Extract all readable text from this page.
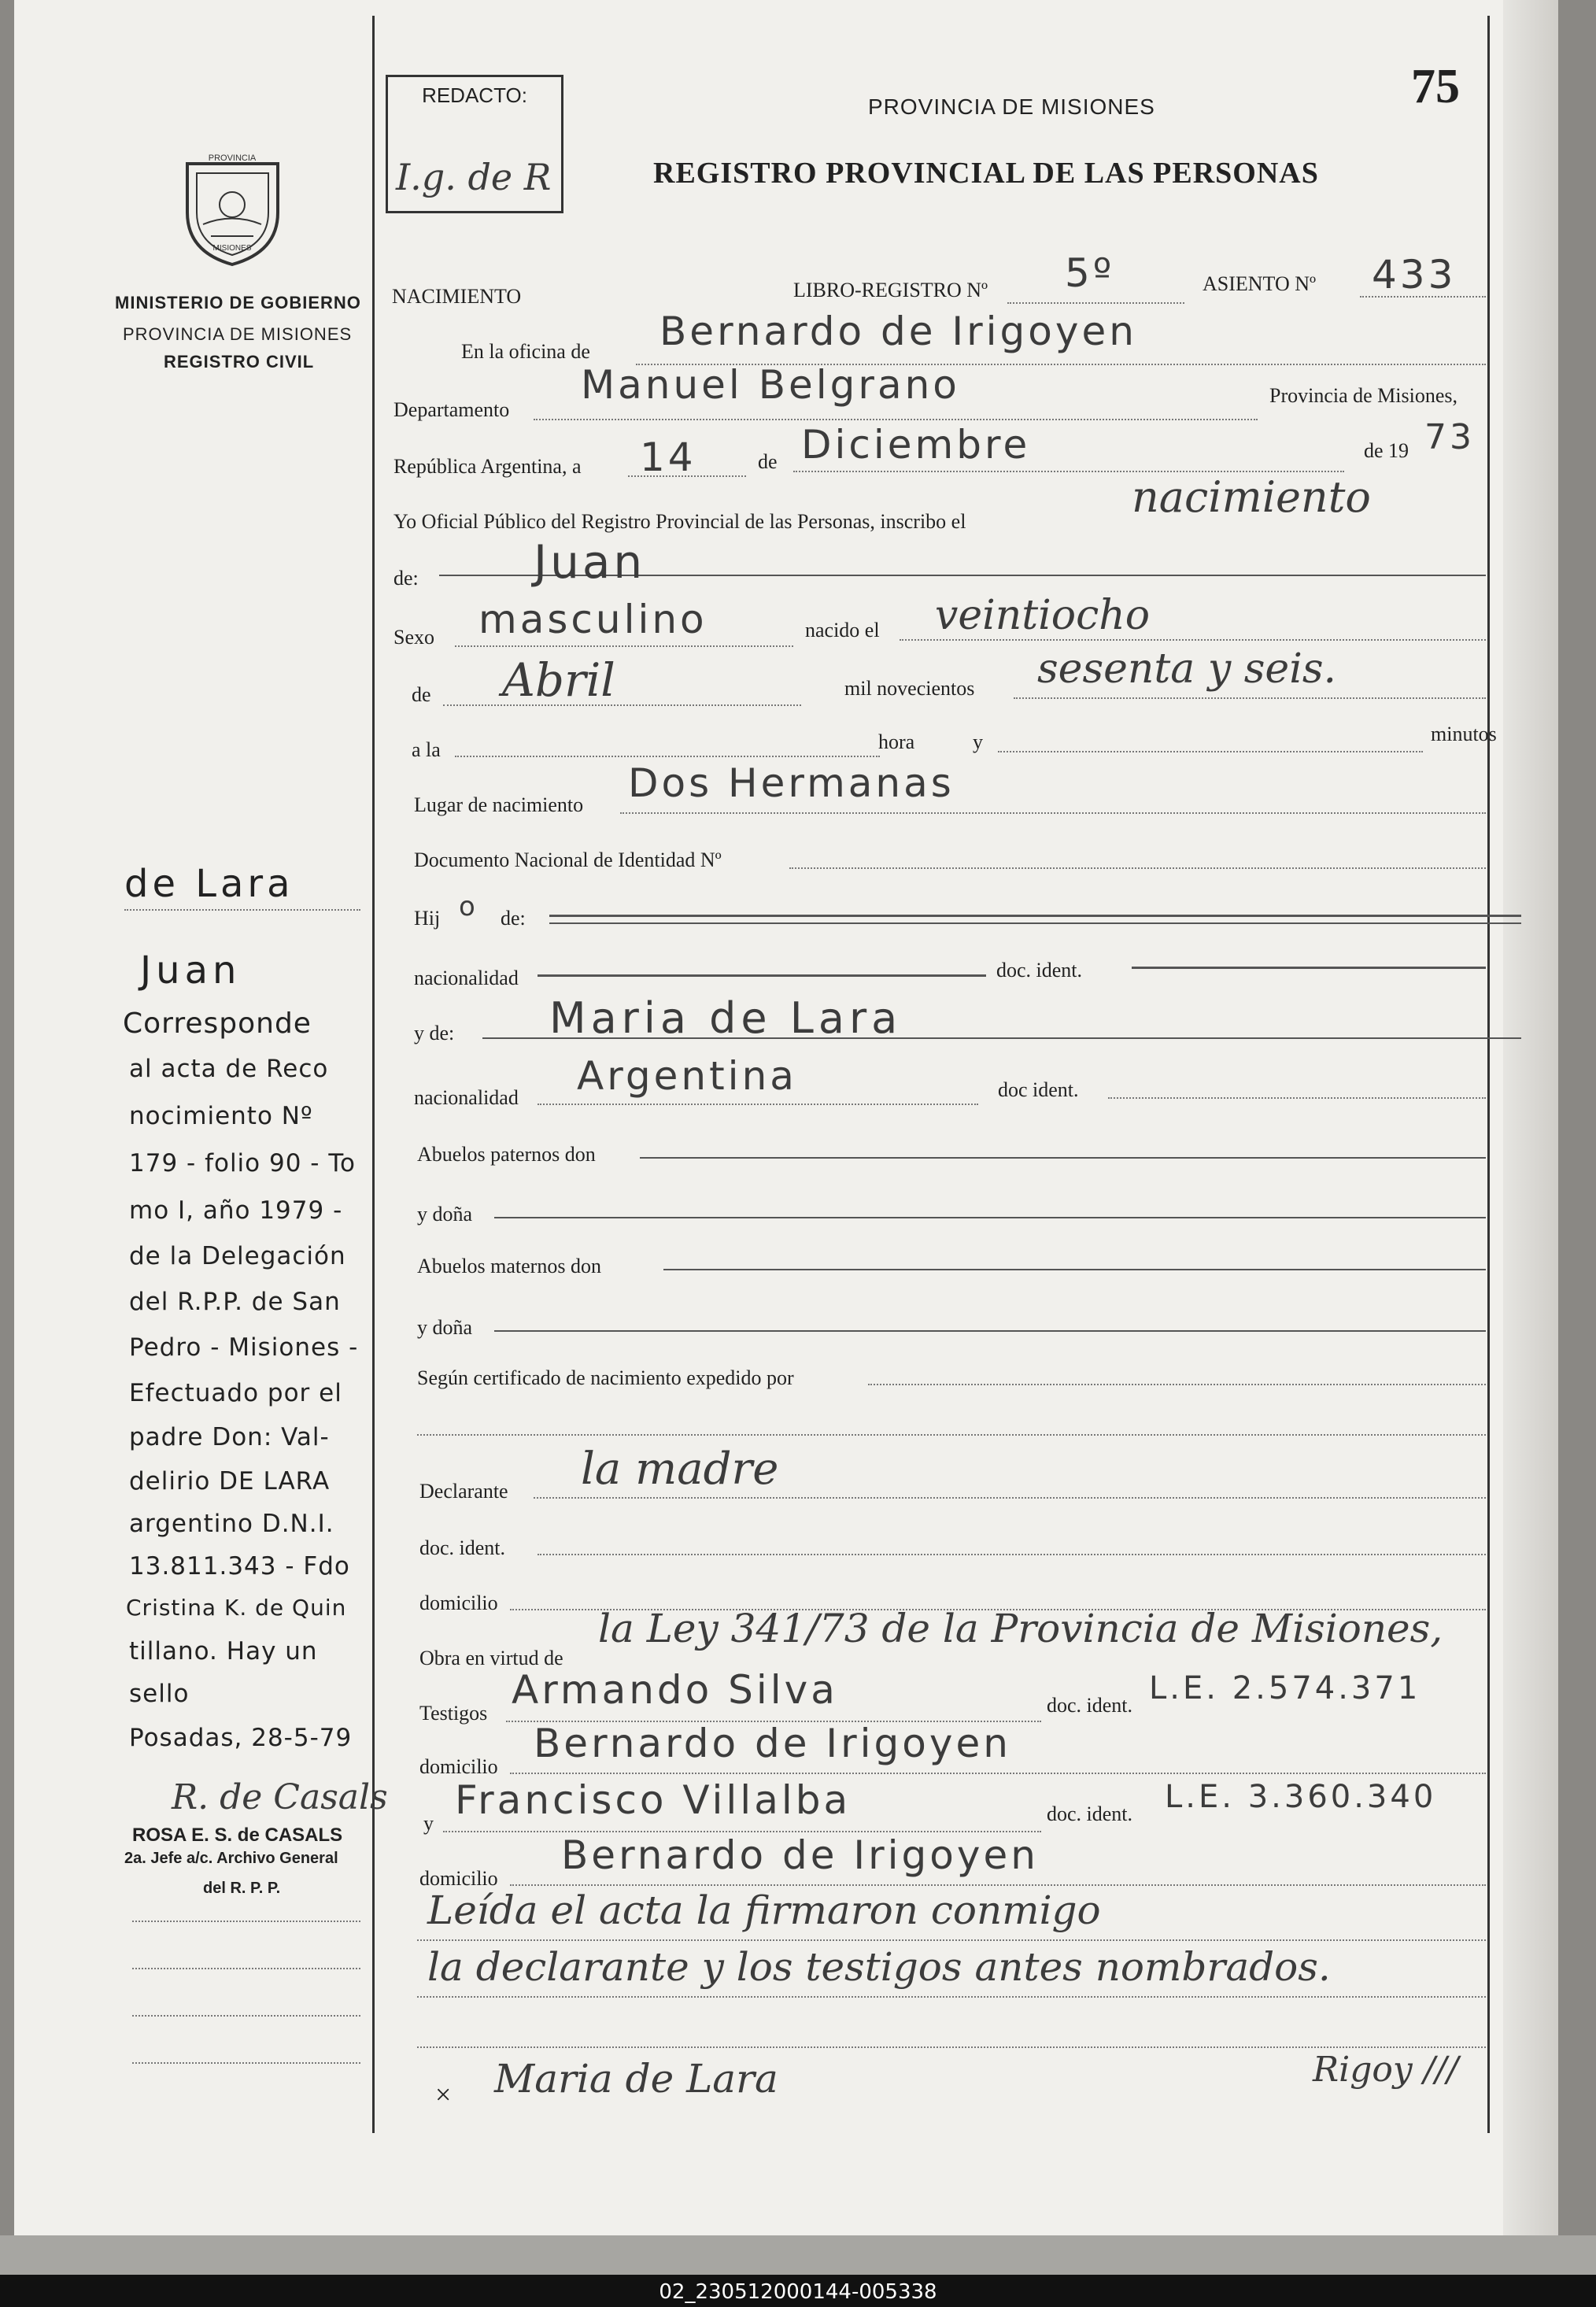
75
REDACTO:
I.g. de R
PROVINCIA DE MISIONES
REGISTRO PROVINCIAL DE LAS PERSONAS
PROVINCIA
MISIONES
MINISTERIO DE GOBIERNO
PROVINCIA DE MISIONES
REGISTRO CIVIL
NACIMIENTO	LIBRO-REGISTRO Nº 5º	ASIENTO Nº 433
En la oficina de Bernardo de Irigoyen
Departamento
Manuel Belgrano	Provincia de Misiones,
República Argentina, a 14	de Diciembre	de 19 73
Yo Oficial Público del Registro Provincial de las Personas, inscribo el	nacimiento
de:	Juan
Sexo masculino	nacido el veintiocho
de Abril	mil novecientos sesenta y seis.
a la	hora	y	minutos
Lugar de nacimiento Dos Hermanas
Documento Nacional de Identidad Nº
Hij o de:
nacionalidad	doc. ident.
y de: Maria de Lara
nacionalidad Argentina	doc ident.
Abuelos paternos don
y doña
Abuelos maternos don
y doña
Según certificado de nacimiento expedido por
Declarante la madre
doc. ident.
domicilio
Obra en virtud de
la Ley 341/73 de la Provincia de Misiones,
Testigos
Armando Silva	doc. ident. L.E. 2.574.371
domicilio
Bernardo de Irigoyen
y
Francisco Villalba	doc. ident. L.E. 3.360.340
domicilio
Bernardo de Irigoyen
Leída el acta la firmaron conmigo
la declarante y los testigos antes nombrados.
× Maria de Lara	Rigoy ///
de Lara
Juan
Corresponde
al acta de Reco
nocimiento Nº
179 - folio 90 - To
mo I, año 1979 -
de la Delegación
del R.P.P. de San
Pedro - Misiones -
Efectuado por el
padre Don: Val-
delirio DE LARA
argentino D.N.I.
13.811.343 - Fdo
Cristina K. de Quin
tillano. Hay un
sello
Posadas, 28-5-79
R. de Casals
ROSA E. S. de CASALS
2a. Jefe a/c. Archivo General
del R. P. P.
02_230512000144-005338
